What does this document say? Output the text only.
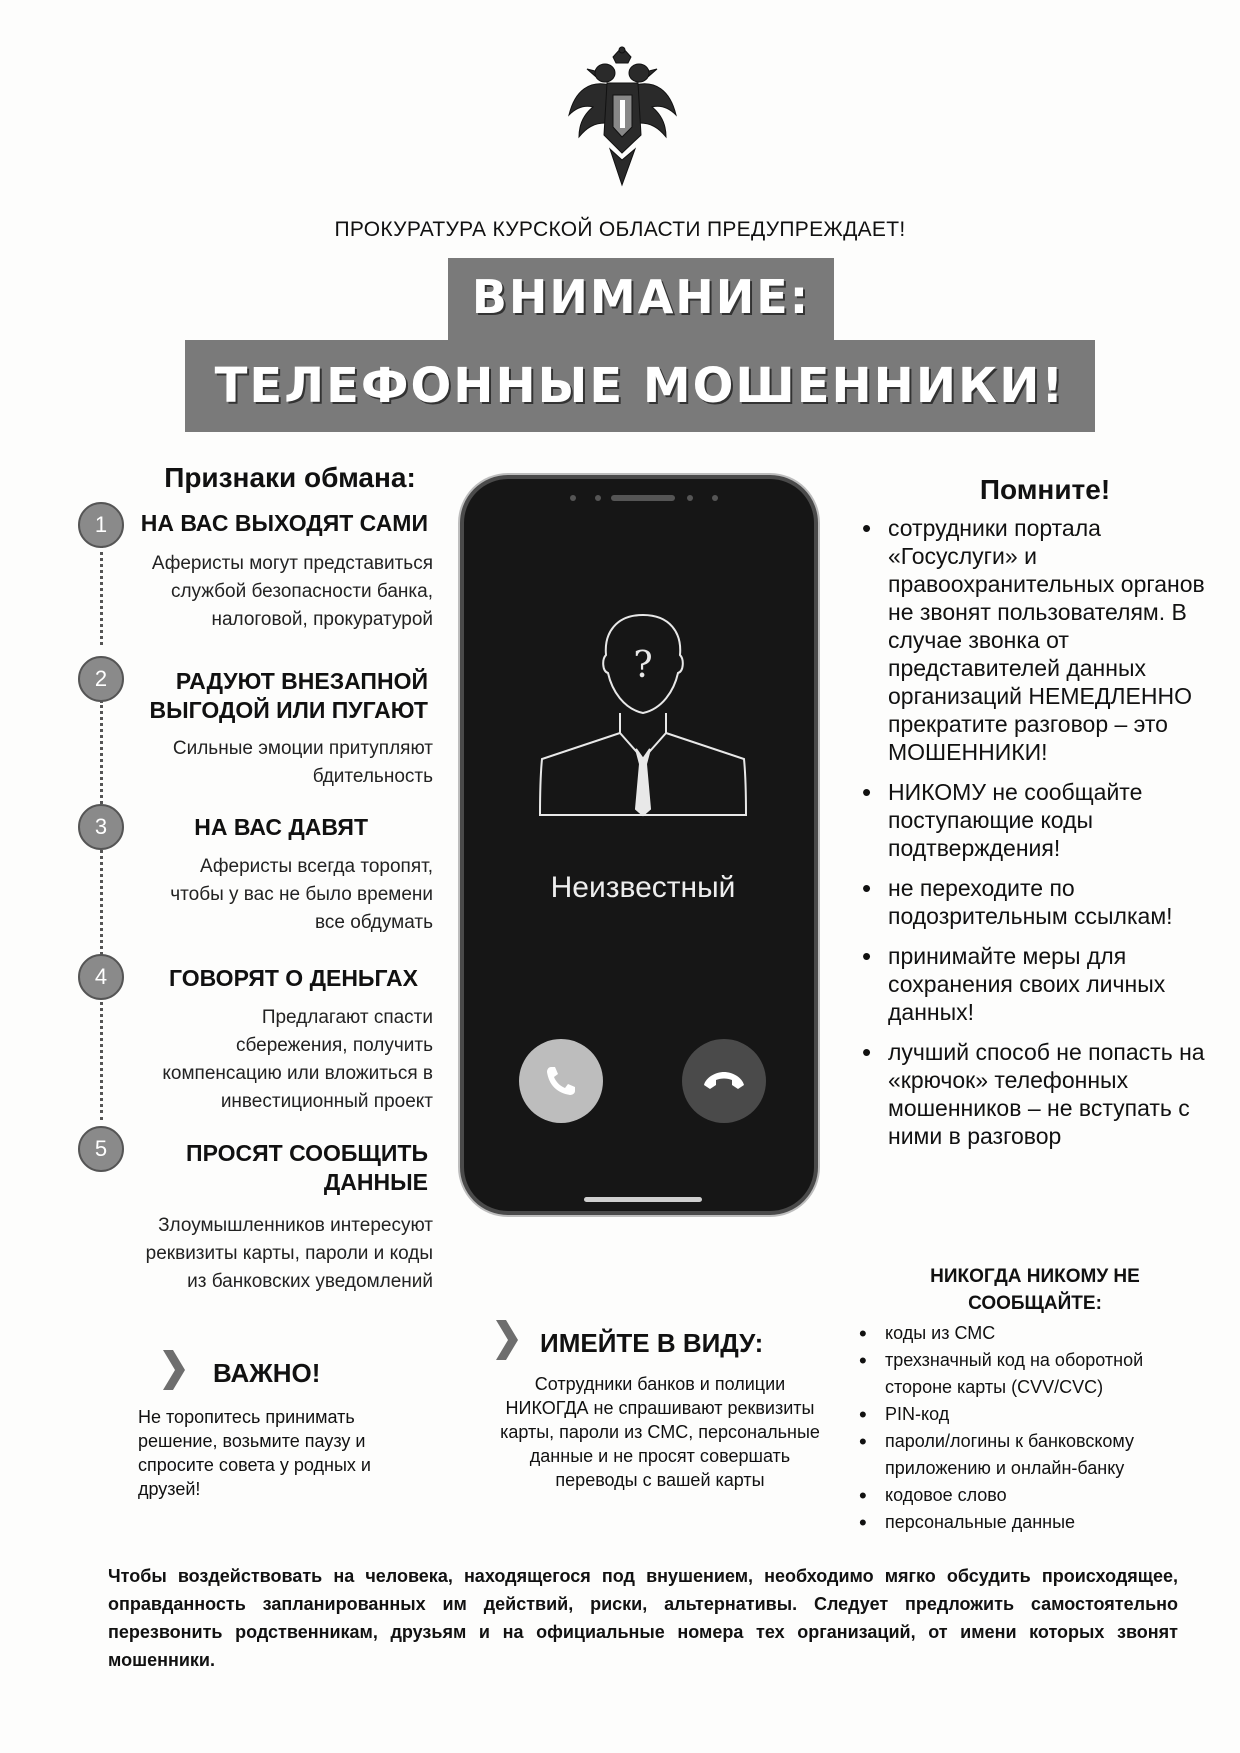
ПРОКУРАТУРА КУРСКОЙ ОБЛАСТИ ПРЕДУПРЕЖДАЕТ!
ВНИМАНИЕ:
ТЕЛЕФОННЫЕ МОШЕННИКИ!
Признаки обмана:
1	НА ВАС ВЫХОДЯТ САМИ
Аферисты могут представиться
службой безопасности банка,
налоговой, прокуратурой
2	РАДУЮТ ВНЕЗАПНОЙ
ВЫГОДОЙ ИЛИ ПУГАЮТ
Сильные эмоции притупляют
бдительность
3	НА ВАС ДАВЯТ
Аферисты всегда торопят,
чтобы у вас не было времени
все обдумать
4	ГОВОРЯТ О ДЕНЬГАХ
Предлагают спасти
сбережения, получить
компенсацию или вложиться в
инвестиционный проект
5	ПРОСЯТ СООБЩИТЬ
ДАННЫЕ
Злоумышленников интересуют
реквизиты карты, пароли и коды
из банковских уведомлений
?
Неизвестный
Помните!
• сотрудники портала «Госуслуги» и правоохранительных органов не звонят пользователям. В случае звонка от представителей данных организаций НЕМЕДЛЕННО прекратите разговор – это МОШЕННИКИ!
• НИКОМУ не сообщайте поступающие коды подтверждения!
• не переходите по подозрительным ссылкам!
• принимайте меры для сохранения своих личных данных!
• лучший способ не попасть на «крючок» телефонных мошенников – не вступать с ними в разговор
НИКОГДА НИКОМУ НЕ
СООБЩАЙТЕ:
• коды из СМС
• трехзначный код на оборотной стороне карты (CVV/CVC)
• PIN-код
• пароли/логины к банковскому приложению и онлайн-банку
• кодовое слово
• персональные данные
ВАЖНО!
Не торопитесь принимать решение, возьмите паузу и спросите совета у родных и друзей!
ИМЕЙТЕ В ВИДУ:
Сотрудники банков и полиции НИКОГДА не спрашивают реквизиты карты, пароли из СМС, персональные данные и не просят совершать переводы с вашей карты
Чтобы воздействовать на человека, находящегося под внушением, необходимо мягко обсудить происходящее, оправданность запланированных им действий, риски, альтернативы. Следует предложить самостоятельно перезвонить родственникам, друзьям и на официальные номера тех организаций, от имени которых звонят мошенники.
